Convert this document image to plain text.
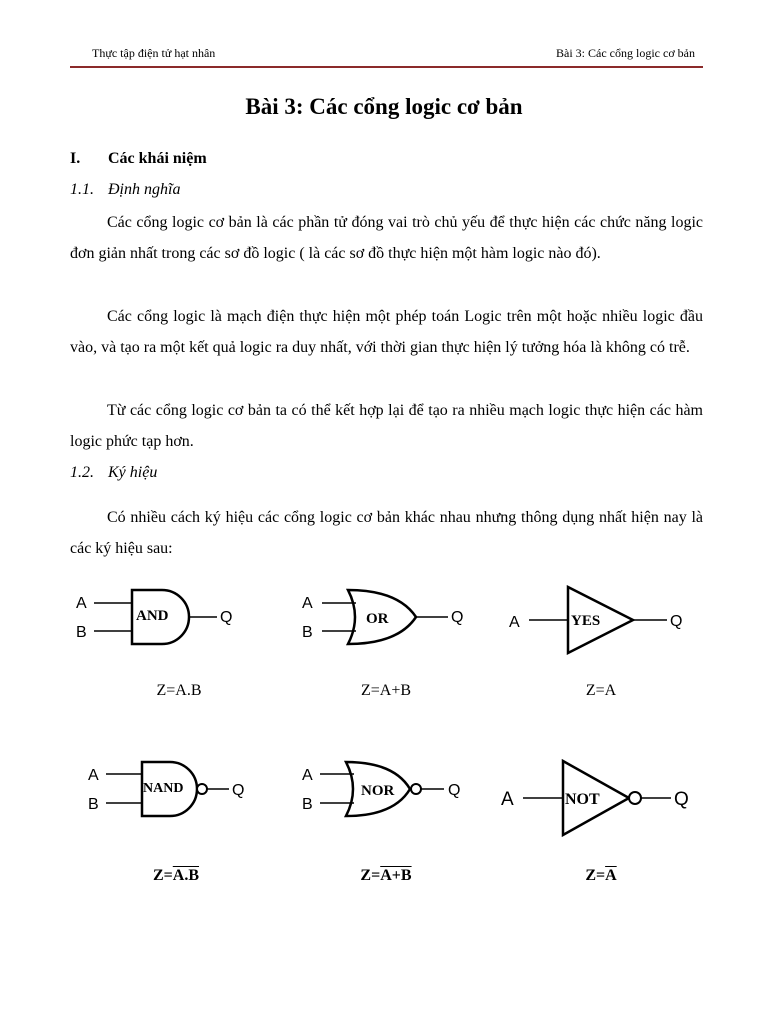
Thực tập điện tử hạt nhân	Bài 3: Các cổng logic cơ bản
Bài 3: Các cổng logic cơ bản
I. Các khái niệm
1.1. Định nghĩa
Các cổng logic cơ bản là các phần tử đóng vai trò chủ yếu để thực hiện các chức năng logic đơn giản nhất trong các sơ đồ logic ( là các sơ đồ thực hiện một hàm logic nào đó).
Các cổng logic là mạch điện thực hiện một phép toán Logic trên một hoặc nhiều logic đầu vào, và tạo ra một kết quả logic ra duy nhất, với thời gian thực hiện lý tưởng hóa là không có trễ.
Từ các cổng logic cơ bản ta có thể kết hợp lại để tạo ra nhiều mạch logic thực hiện các hàm logic phức tạp hơn.
1.2. Ký hiệu
Có nhiều cách ký hiệu các cổng logic cơ bản khác nhau nhưng thông dụng nhất hiện nay là các ký hiệu sau:
A
B
AND	Q
Z=A.B
A
B
OR	Q
Z=A+B
A	YES	Q
Z=A
A
B
NAND	Q
Z=A.B
A
B
NOR	Q
Z=A+B
A	NOT	Q
$Z=\overline{A}$
